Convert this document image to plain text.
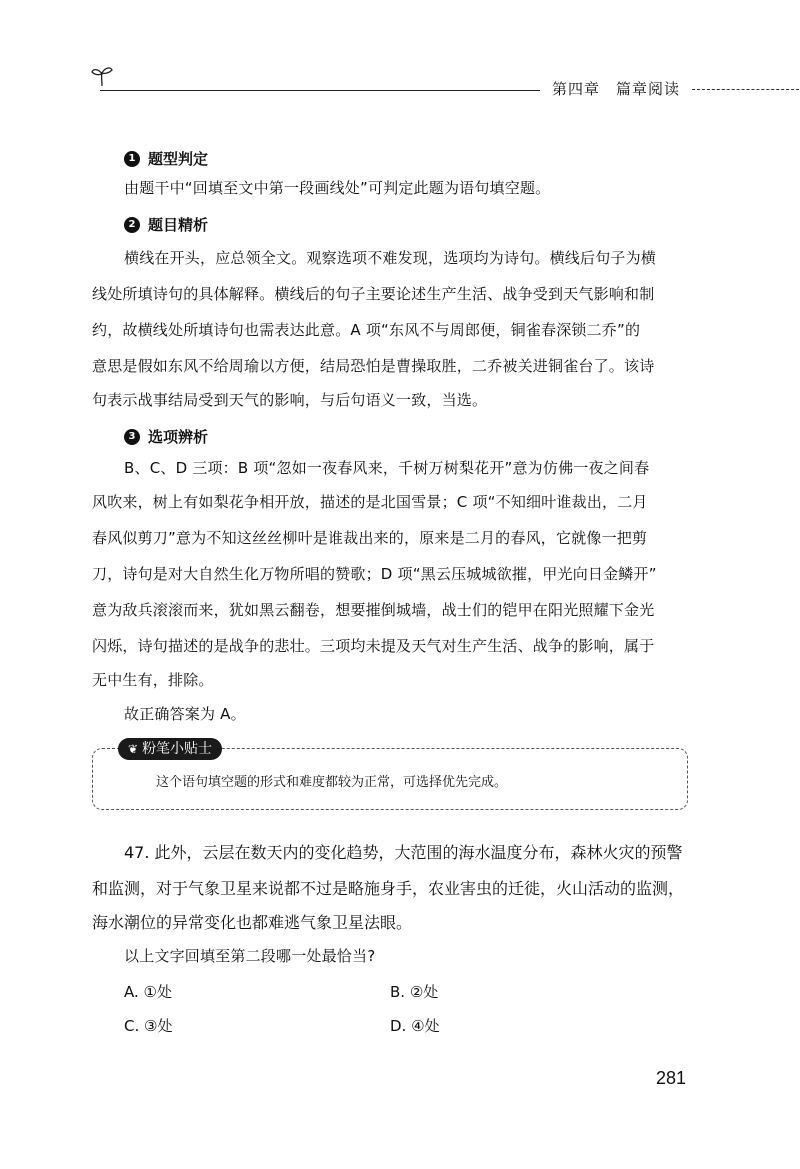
第四章 篇章阅读
1 题型判定
由题干中“回填至文中第一段画线处”可判定此题为语句填空题。
2 题目精析
横线在开头，应总领全文。观察选项不难发现，选项均为诗句。横线后句子为横
线处所填诗句的具体解释。横线后的句子主要论述生产生活、战争受到天气影响和制
约，故横线处所填诗句也需表达此意。A 项“东风不与周郎便，铜雀春深锁二乔”的
意思是假如东风不给周瑜以方便，结局恐怕是曹操取胜，二乔被关进铜雀台了。该诗
句表示战事结局受到天气的影响，与后句语义一致，当选。
3 选项辨析
B、C、D 三项：B 项“忽如一夜春风来，千树万树梨花开”意为仿佛一夜之间春
风吹来，树上有如梨花争相开放，描述的是北国雪景；C 项“不知细叶谁裁出，二月
春风似剪刀”意为不知这丝丝柳叶是谁裁出来的，原来是二月的春风，它就像一把剪
刀，诗句是对大自然生化万物所唱的赞歌；D 项“黑云压城城欲摧，甲光向日金鳞开”
意为敌兵滚滚而来，犹如黑云翻卷，想要摧倒城墙，战士们的铠甲在阳光照耀下金光
闪烁，诗句描述的是战争的悲壮。三项均未提及天气对生产生活、战争的影响，属于
无中生有，排除。
故正确答案为 A。
❦ 粉笔小贴士
这个语句填空题的形式和难度都较为正常，可选择优先完成。
47. 此外，云层在数天内的变化趋势，大范围的海水温度分布，森林火灾的预警
和监测，对于气象卫星来说都不过是略施身手，农业害虫的迁徙，火山活动的监测，
海水潮位的异常变化也都难逃气象卫星法眼。
以上文字回填至第二段哪一处最恰当?
A. ①处	B. ②处
C. ③处	D. ④处
281
